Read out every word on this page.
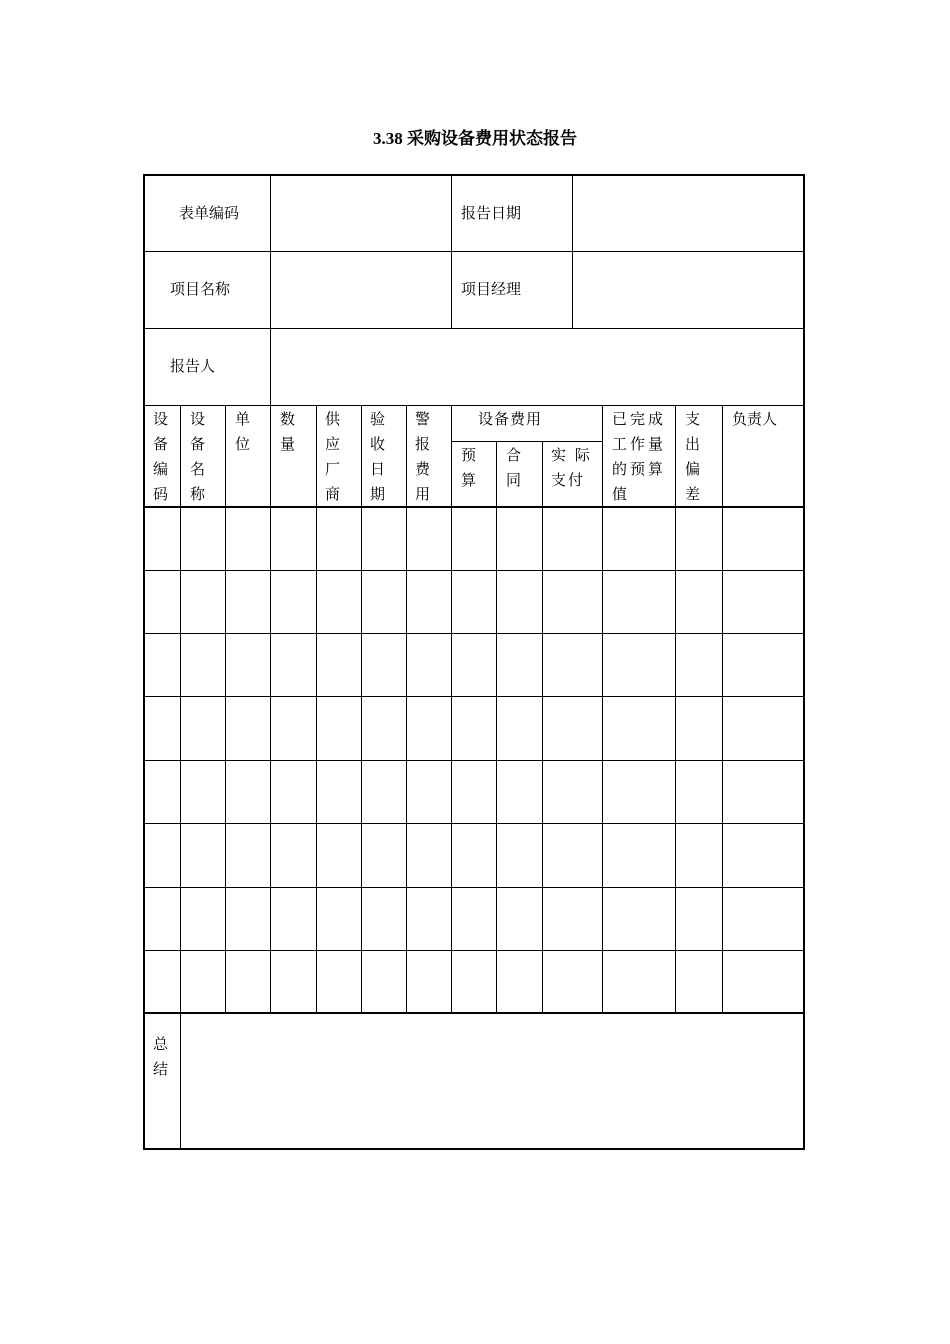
3.38 采购设备费用状态报告
表单编码	报告日期
项目名称	项目经理
报告人
设备编码
设备名称
单位
数量
供应厂商
验收日期
警报费用
设备费用
预算
合同
实 际支付
已完成工作量的预算值
支出偏差
负责人
总结
